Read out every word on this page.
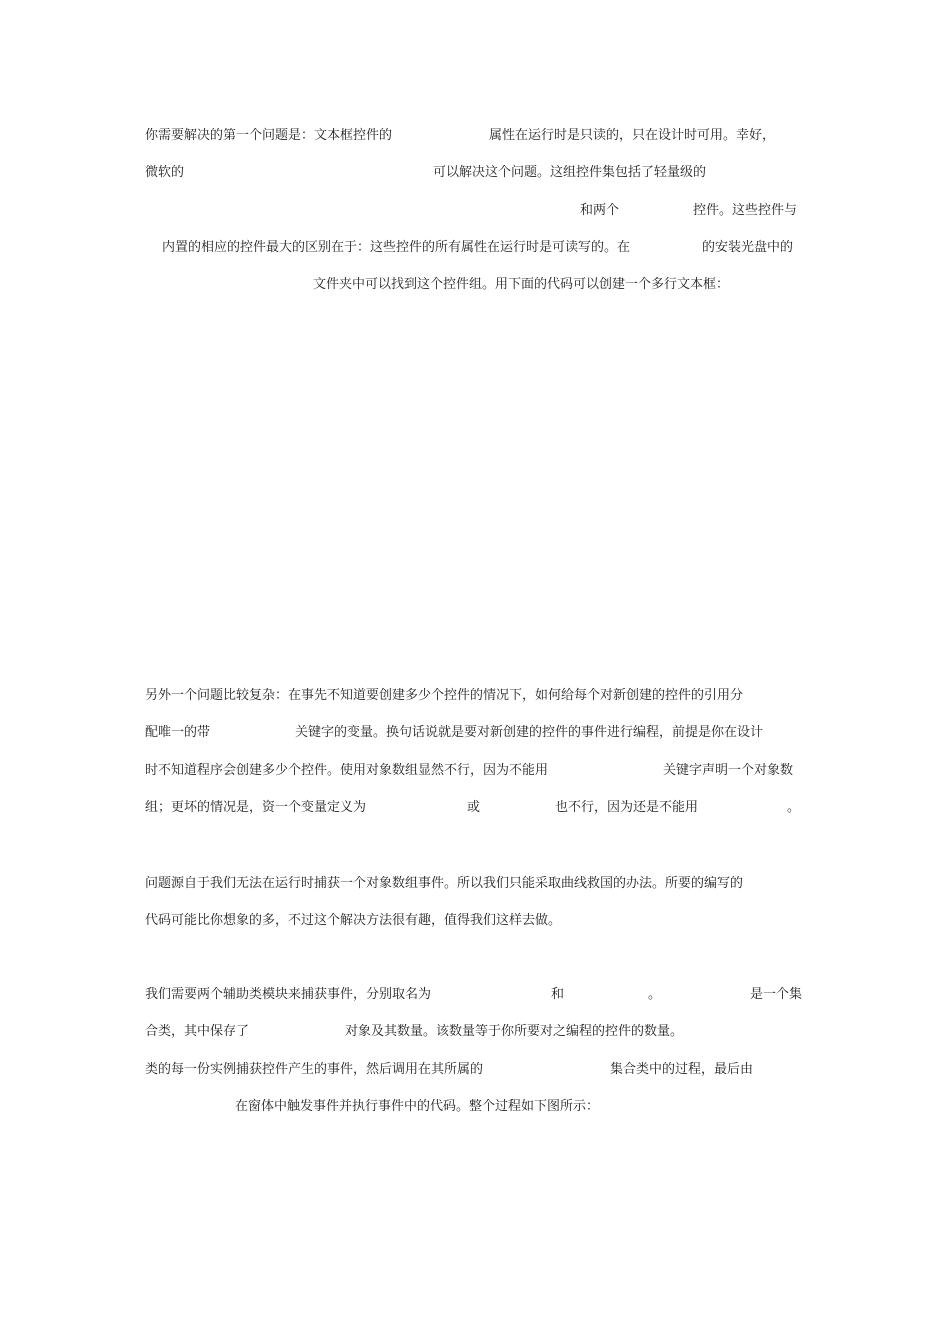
你需要解决的第一个问题是：文本框控件的	属性在运行时是只读的，只在设计时可用。幸好，
微软的	可以解决这个问题。这组控件集包括了轻量级的
和两个	控件。这些控件与
内置的相应的控件最大的区别在于：这些控件的所有属性在运行时是可读写的。在	的安装光盘中的
文件夹中可以找到这个控件组。用下面的代码可以创建一个多行文本框：
另外一个问题比较复杂：在事先不知道要创建多少个控件的情况下，如何给每个对新创建的控件的引用分
配唯一的带	关键字的变量。换句话说就是要对新创建的控件的事件进行编程，前提是你在设计
时不知道程序会创建多少个控件。使用对象数组显然不行，因为不能用	关键字声明一个对象数
组；更坏的情况是，资一个变量定义为	或	也不行，因为还是不能用	。
问题源自于我们无法在运行时捕获一个对象数组事件。所以我们只能采取曲线救国的办法。所要的编写的
代码可能比你想象的多，不过这个解决方法很有趣，值得我们这样去做。
我们需要两个辅助类模块来捕获事件，分别取名为	和	。	是一个集
合类，其中保存了	对象及其数量。该数量等于你所要对之编程的控件的数量。
类的每一份实例捕获控件产生的事件，然后调用在其所属的	集合类中的过程，最后由
在窗体中触发事件并执行事件中的代码。整个过程如下图所示：
